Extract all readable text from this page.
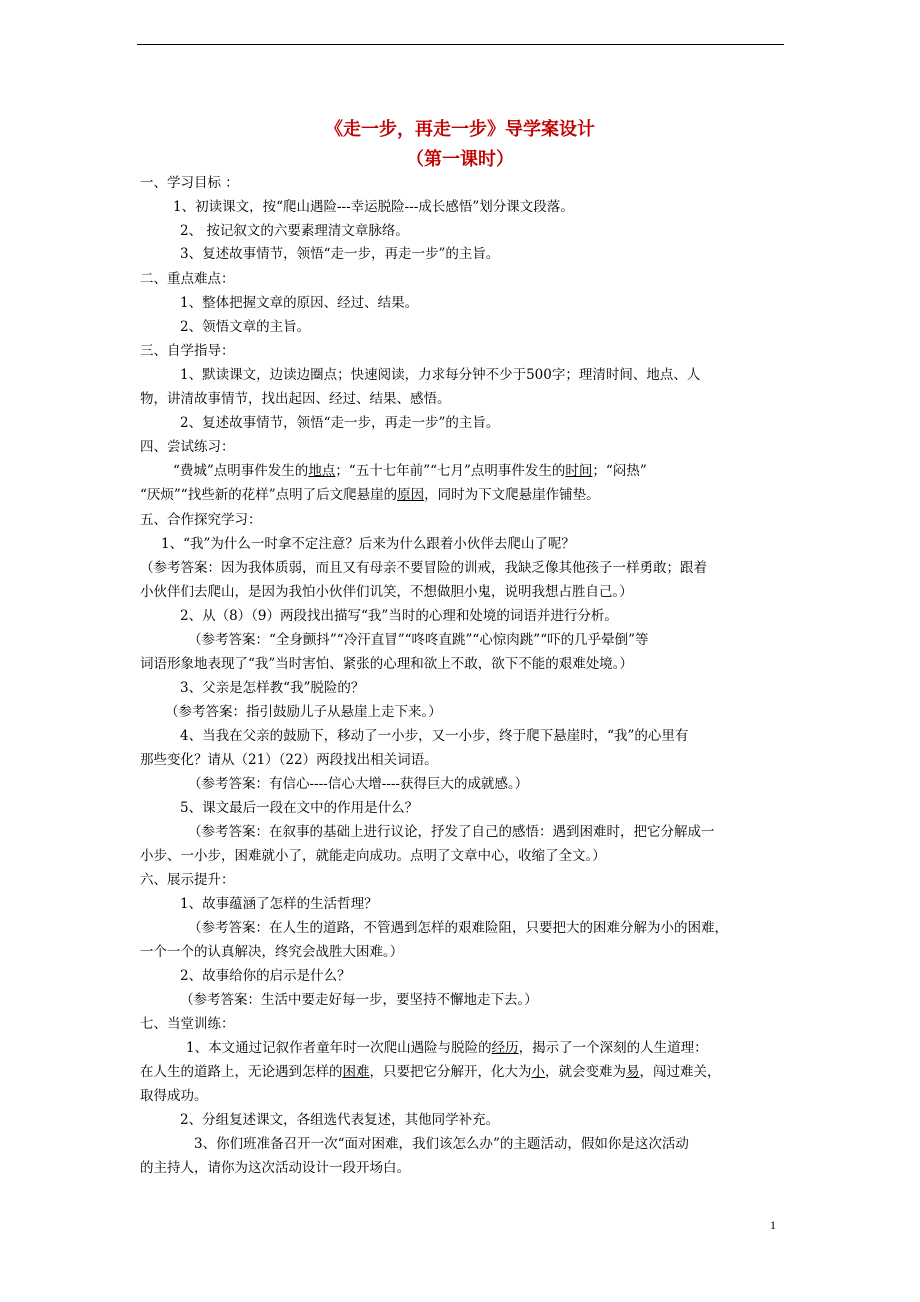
《走一步，再走一步》导学案设计
（第一课时）
一、学习目标 ：
1、初读课文，按“爬山遇险---幸运脱险---成长感悟”划分课文段落。
2、 按记叙文的六要素理清文章脉络。
3、复述故事情节，领悟“走一步，再走一步”的主旨。
二、重点难点：
1、整体把握文章的原因、经过、结果。
2、领悟文章的主旨。
三、自学指导：
1、默读课文，边读边圈点；快速阅读，力求每分钟不少于500字；理清时间、地点、人
物，讲清故事情节，找出起因、经过、结果、感悟。
2、复述故事情节，领悟“走一步，再走一步”的主旨。
四、尝试练习：
“费城”点明事件发生的地点；“五十七年前”“七月”点明事件发生的时间；“闷热”
“厌烦”“找些新的花样”点明了后文爬悬崖的原因，同时为下文爬悬崖作铺垫。
五、合作探究学习：
1、“我”为什么一时拿不定注意？后来为什么跟着小伙伴去爬山了呢？
（参考答案：因为我体质弱，而且又有母亲不要冒险的训戒，我缺乏像其他孩子一样勇敢；跟着
小伙伴们去爬山，是因为我怕小伙伴们讥笑，不想做胆小鬼，说明我想占胜自己。）
2、从（8）（9）两段找出描写“我”当时的心理和处境的词语并进行分析。
（参考答案：“全身颤抖”“冷汗直冒”“咚咚直跳”“心惊肉跳”“吓的几乎晕倒”等
词语形象地表现了“我”当时害怕、紧张的心理和欲上不敢，欲下不能的艰难处境。）
3、父亲是怎样教“我”脱险的？
（参考答案：指引鼓励儿子从悬崖上走下来。）
4、当我在父亲的鼓励下，移动了一小步，又一小步，终于爬下悬崖时，“我”的心里有
那些变化？请从（21）（22）两段找出相关词语。
（参考答案：有信心----信心大增----获得巨大的成就感。）
5、课文最后一段在文中的作用是什么？
（参考答案：在叙事的基础上进行议论，抒发了自己的感悟：遇到困难时，把它分解成一
小步、一小步，困难就小了，就能走向成功。点明了文章中心，收缩了全文。）
六、展示提升：
1、故事蕴涵了怎样的生活哲理？
（参考答案：在人生的道路，不管遇到怎样的艰难险阻，只要把大的困难分解为小的困难，
一个一个的认真解决，终究会战胜大困难。）
2、故事给你的启示是什么？
（参考答案：生活中要走好每一步，要坚持不懈地走下去。）
七、当堂训练：
1、本文通过记叙作者童年时一次爬山遇险与脱险的经历，揭示了一个深刻的人生道理：
在人生的道路上，无论遇到怎样的困难，只要把它分解开，化大为小，就会变难为易，闯过难关，
取得成功。
2、分组复述课文，各组选代表复述，其他同学补充。
3、你们班准备召开一次“面对困难，我们该怎么办”的主题活动，假如你是这次活动
的主持人，请你为这次活动设计一段开场白。
1
